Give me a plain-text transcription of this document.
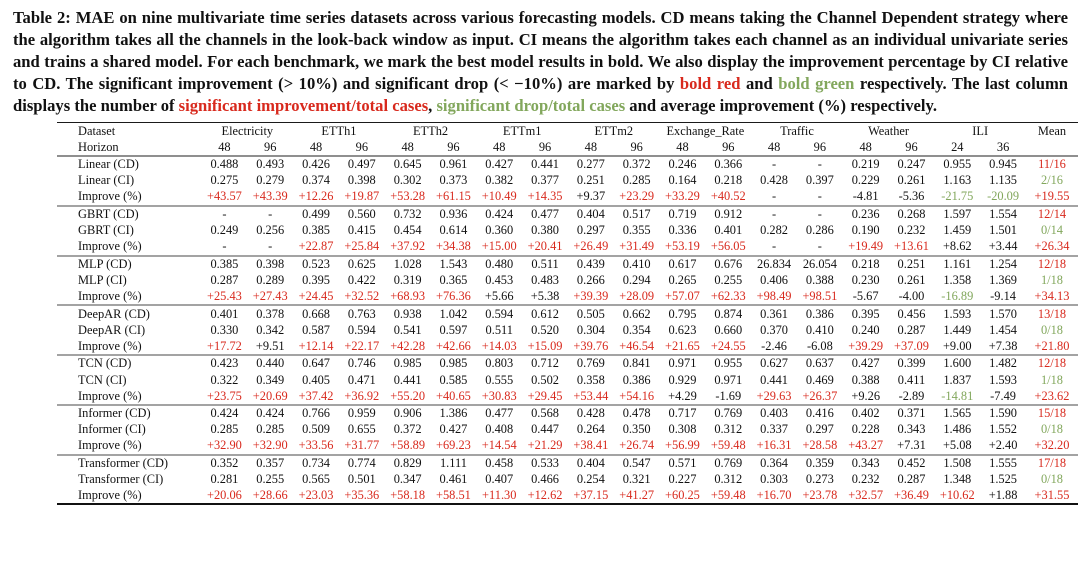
Table 2: MAE on nine multivariate time series datasets across various forecasting models. CD means taking the Channel Dependent strategy where the algorithm takes all the channels in the look-back window as input. CI means the algorithm takes each channel as an individual univariate series and trains a shared model. For each benchmark, we mark the best model results in bold. We also display the improvement percentage by CI relative to CD. The significant improvement (> 10%) and significant drop (< −10%) are marked by bold red and bold green respectively. The last column displays the number of significant improvement/total cases, significant drop/total cases and average improvement (%) respectively.

Dataset	Electricity		ETTh1		ETTh2		ETTm1		ETTm2		Exchange_Rate		Traffic		Weather		ILI		Mean
Horizon	48	96	48	96	48	96	48	96	48	96	48	96	48	96	48	96	24	36	
Linear (CD)	0.488	0.493	0.426	0.497	0.645	0.961	0.427	0.441	0.277	0.372	0.246	0.366	-	-	0.219	0.247	0.955	0.945	11/16
Linear (CI)	0.275	0.279	0.374	0.398	0.302	0.373	0.382	0.377	0.251	0.285	0.164	0.218	0.428	0.397	0.229	0.261	1.163	1.135	2/16
Improve (%)	+43.57	+43.39	+12.26	+19.87	+53.28	+61.15	+10.49	+14.35	+9.37	+23.29	+33.29	+40.52	-	-	-4.81	-5.36	-21.75	-20.09	+19.55
GBRT (CD)	-	-	0.499	0.560	0.732	0.936	0.424	0.477	0.404	0.517	0.719	0.912	-	-	0.236	0.268	1.597	1.554	12/14
GBRT (CI)	0.249	0.256	0.385	0.415	0.454	0.614	0.360	0.380	0.297	0.355	0.336	0.401	0.282	0.286	0.190	0.232	1.459	1.501	0/14
Improve (%)	-	-	+22.87	+25.84	+37.92	+34.38	+15.00	+20.41	+26.49	+31.49	+53.19	+56.05	-	-	+19.49	+13.61	+8.62	+3.44	+26.34
MLP (CD)	0.385	0.398	0.523	0.625	1.028	1.543	0.480	0.511	0.439	0.410	0.617	0.676	26.834	26.054	0.218	0.251	1.161	1.254	12/18
MLP (CI)	0.287	0.289	0.395	0.422	0.319	0.365	0.453	0.483	0.266	0.294	0.265	0.255	0.406	0.388	0.230	0.261	1.358	1.369	1/18
Improve (%)	+25.43	+27.43	+24.45	+32.52	+68.93	+76.36	+5.66	+5.38	+39.39	+28.09	+57.07	+62.33	+98.49	+98.51	-5.67	-4.00	-16.89	-9.14	+34.13
DeepAR (CD)	0.401	0.378	0.668	0.763	0.938	1.042	0.594	0.612	0.505	0.662	0.795	0.874	0.361	0.386	0.395	0.456	1.593	1.570	13/18
DeepAR (CI)	0.330	0.342	0.587	0.594	0.541	0.597	0.511	0.520	0.304	0.354	0.623	0.660	0.370	0.410	0.240	0.287	1.449	1.454	0/18
Improve (%)	+17.72	+9.51	+12.14	+22.17	+42.28	+42.66	+14.03	+15.09	+39.76	+46.54	+21.65	+24.55	-2.46	-6.08	+39.29	+37.09	+9.00	+7.38	+21.80
TCN (CD)	0.423	0.440	0.647	0.746	0.985	0.985	0.803	0.712	0.769	0.841	0.971	0.955	0.627	0.637	0.427	0.399	1.600	1.482	12/18
TCN (CI)	0.322	0.349	0.405	0.471	0.441	0.585	0.555	0.502	0.358	0.386	0.929	0.971	0.441	0.469	0.388	0.411	1.837	1.593	1/18
Improve (%)	+23.75	+20.69	+37.42	+36.92	+55.20	+40.65	+30.83	+29.45	+53.44	+54.16	+4.29	-1.69	+29.63	+26.37	+9.26	-2.89	-14.81	-7.49	+23.62
Informer (CD)	0.424	0.424	0.766	0.959	0.906	1.386	0.477	0.568	0.428	0.478	0.717	0.769	0.403	0.416	0.402	0.371	1.565	1.590	15/18
Informer (CI)	0.285	0.285	0.509	0.655	0.372	0.427	0.408	0.447	0.264	0.350	0.308	0.312	0.337	0.297	0.228	0.343	1.486	1.552	0/18
Improve (%)	+32.90	+32.90	+33.56	+31.77	+58.89	+69.23	+14.54	+21.29	+38.41	+26.74	+56.99	+59.48	+16.31	+28.58	+43.27	+7.31	+5.08	+2.40	+32.20
Transformer (CD)	0.352	0.357	0.734	0.774	0.829	1.111	0.458	0.533	0.404	0.547	0.571	0.769	0.364	0.359	0.343	0.452	1.508	1.555	17/18
Transformer (CI)	0.281	0.255	0.565	0.501	0.347	0.461	0.407	0.466	0.254	0.321	0.227	0.312	0.303	0.273	0.232	0.287	1.348	1.525	0/18
Improve (%)	+20.06	+28.66	+23.03	+35.36	+58.18	+58.51	+11.30	+12.62	+37.15	+41.27	+60.25	+59.48	+16.70	+23.78	+32.57	+36.49	+10.62	+1.88	+31.55
